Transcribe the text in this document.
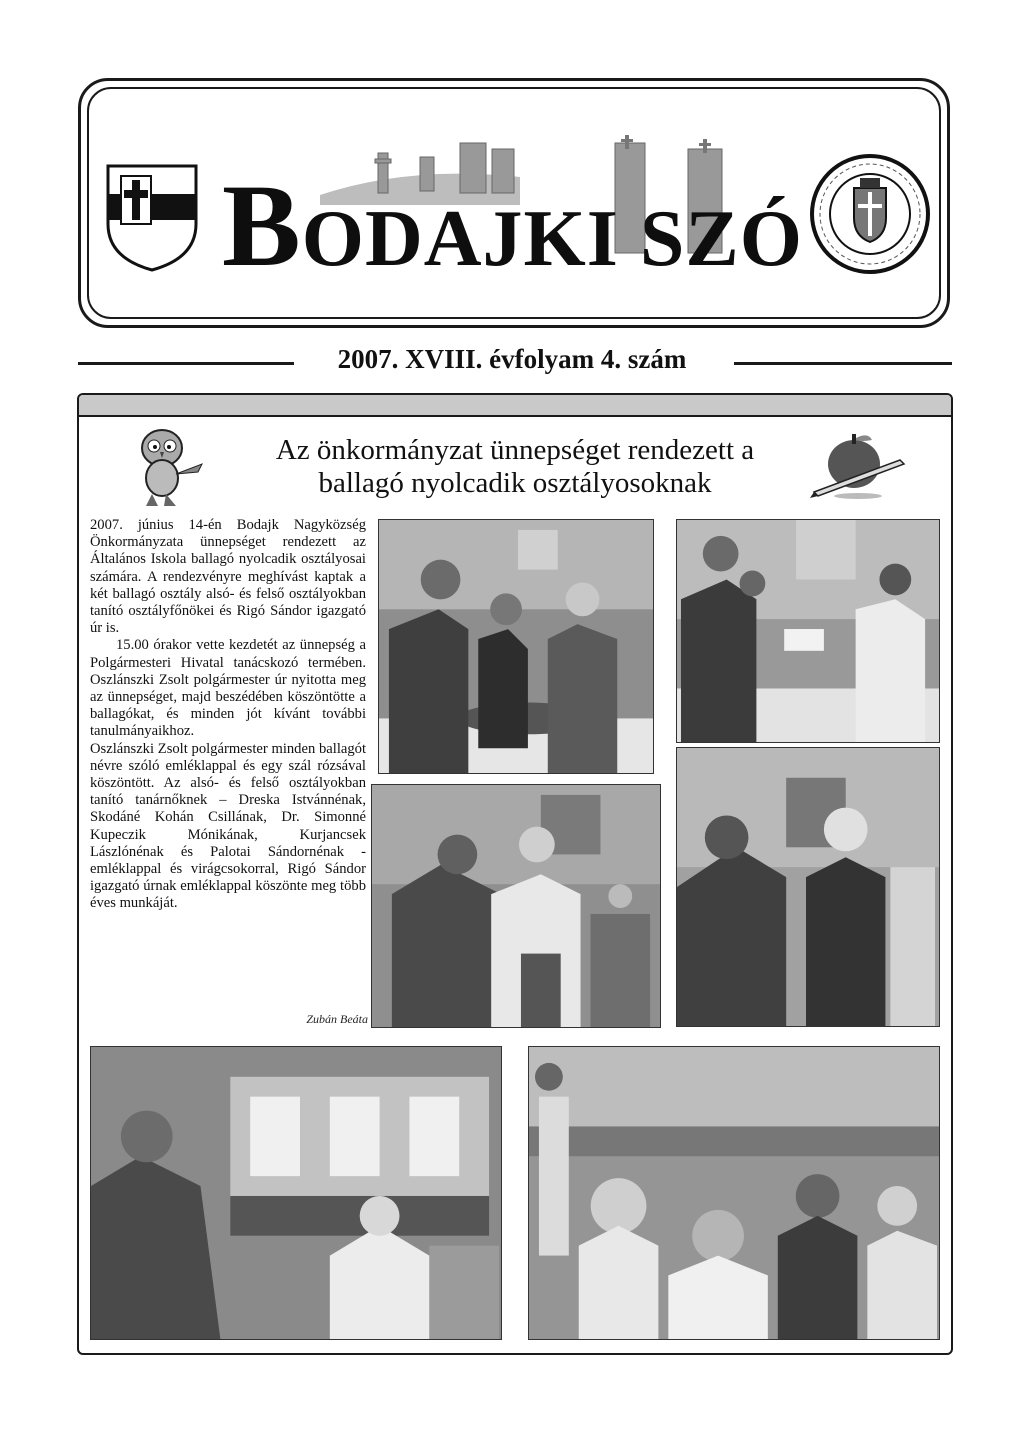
BODAJKI SZÓ
2007. XVIII. évfolyam 4. szám
Az önkormányzat ünnepséget rendezett a ballagó nyolcadik osztályosoknak

2007. június 14-én Bodajk Nagyközség Önkormányzata ünnepséget rendezett az Általános Iskola ballagó nyolcadik osztályosai számára. A rendezvényre meghívást kaptak a két ballagó osztály alsó- és felső osztályokban tanító osztályfőnökei és Rigó Sándor igazgató úr is.

15.00 órakor vette kezdetét az ünnepség a Polgármesteri Hivatal tanácskozó termében. Oszlánszki Zsolt polgármester úr nyitotta meg az ünnepséget, majd beszédében köszöntötte a ballagókat, és minden jót kívánt további tanulmányaikhoz.

Oszlánszki Zsolt polgármester minden ballagót névre szóló emléklappal és egy szál rózsával köszöntött. Az alsó- és felső osztályokban tanító tanárnőknek – Dreska Istvánnénak, Skodáné Kohán Csillának, Dr. Simonné Kupeczik Mónikának, Kurjancsek Lászlónénak és Palotai Sándornénak - emléklappal és virágcsokorral, Rigó Sándor igazgató úrnak emléklappal köszönte meg több éves munkáját.

Zubán Beáta
